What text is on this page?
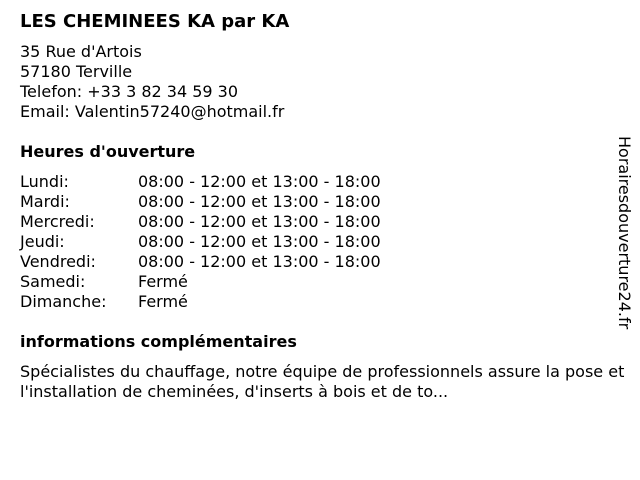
LES CHEMINEES KA par KA
35 Rue d'Artois
57180 Terville
Telefon: +33 3 82 34 59 30
Email: Valentin57240@hotmail.fr
Heures d'ouverture
Lundi:	08:00 - 12:00 et 13:00 - 18:00
Mardi:	08:00 - 12:00 et 13:00 - 18:00
Mercredi:	08:00 - 12:00 et 13:00 - 18:00
Jeudi:	08:00 - 12:00 et 13:00 - 18:00
Vendredi:	08:00 - 12:00 et 13:00 - 18:00
Samedi:	Fermé
Dimanche:	Fermé
informations complémentaires
Spécialistes du chauffage, notre équipe de professionnels assure la pose et l'installation de cheminées, d'inserts à bois et de to...
Horairesdouverture24.fr
